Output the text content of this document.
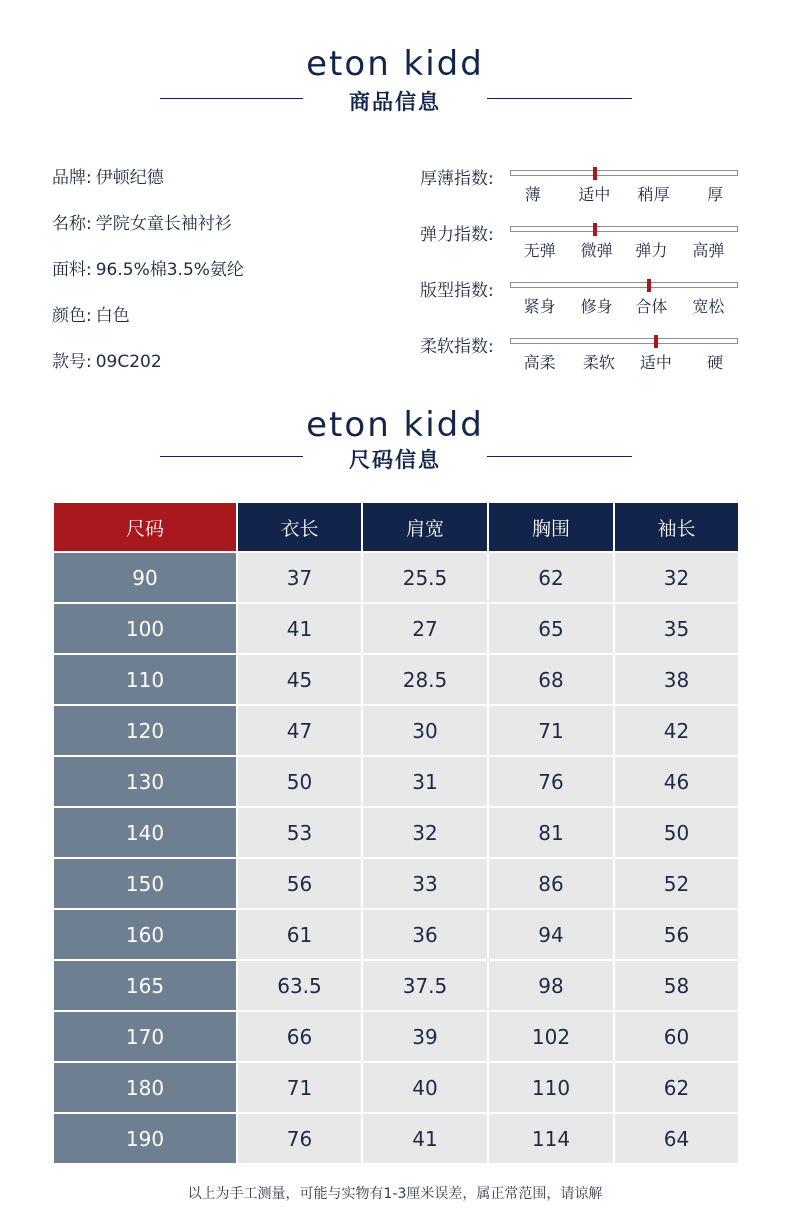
eton kidd
商品信息
品牌: 伊顿纪德
名称: 学院女童长袖衬衫
面料: 96.5%棉3.5%氨纶
颜色: 白色
款号: 09C202
厚薄指数:
薄 适中 稍厚 厚
弹力指数:
无弹 微弹 弹力 高弹
版型指数:
紧身 修身 合体 宽松
柔软指数:
高柔 柔软 适中 硬
eton kidd
尺码信息
尺码	衣长	肩宽	胸围	袖长
90	37	25.5	62	32
100	41	27	65	35
110	45	28.5	68	38
120	47	30	71	42
130	50	31	76	46
140	53	32	81	50
150	56	33	86	52
160	61	36	94	56
165	63.5	37.5	98	58
170	66	39	102	60
180	71	40	110	62
190	76	41	114	64
以上为手工测量，可能与实物有1-3厘米误差，属正常范围，请谅解
